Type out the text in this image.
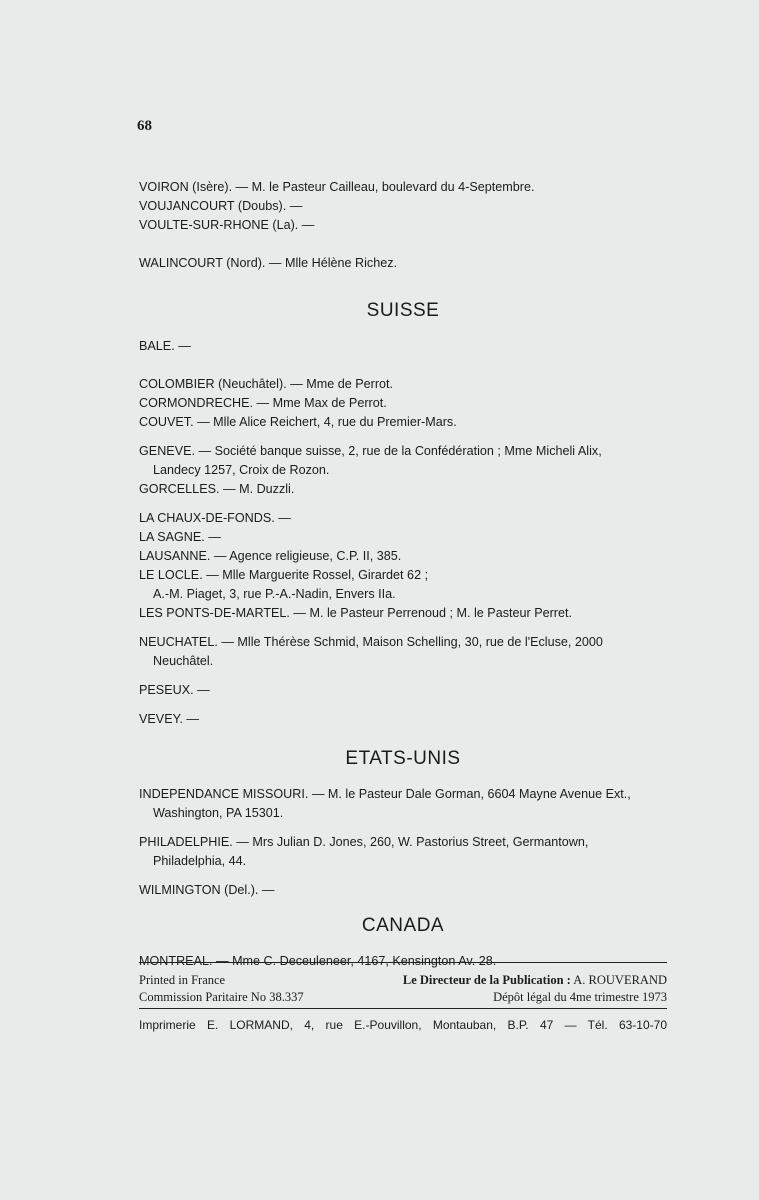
68

VOIRON (Isère). — M. le Pasteur Cailleau, boulevard du 4-Septembre.

VOUJANCOURT (Doubs). —

VOULTE-SUR-RHONE (La). —

WALINCOURT (Nord). — Mlle Hélène Richez.

SUISSE

BALE. —

COLOMBIER (Neuchâtel). — Mme de Perrot.

CORMONDRECHE. — Mme Max de Perrot.

COUVET. — Mlle Alice Reichert, 4, rue du Premier-Mars.

GENEVE. — Société banque suisse, 2, rue de la Confédération ; Mme Micheli Alix,
Landecy 1257, Croix de Rozon.

GORCELLES. — M. Duzzli.

LA CHAUX-DE-FONDS. —

LA SAGNE. —

LAUSANNE. — Agence religieuse, C.P. II, 385.

LE LOCLE. — Mlle Marguerite Rossel, Girardet 62 ;
A.-M. Piaget, 3, rue P.-A.-Nadin, Envers IIa.

LES PONTS-DE-MARTEL. — M. le Pasteur Perrenoud ; M. le Pasteur Perret.

NEUCHATEL. — Mlle Thérèse Schmid, Maison Schelling, 30, rue de l'Ecluse, 2000
Neuchâtel.

PESEUX. —

VEVEY. —

ETATS-UNIS
INDEPENDANCE MISSOURI. — M. le Pasteur Dale Gorman, 6604 Mayne Avenue Ext.,
Washington, PA 15301.
PHILADELPHIE. — Mrs Julian D. Jones, 260, W. Pastorius Street, Germantown,
Philadelphia, 44.

WILMINGTON (Del.). —

CANADA

MONTREAL. — Mme C. Deceuleneer, 4167, Kensington Av. 28.

Printed in France	Le Directeur de la Publication : A. ROUVERAND
Commission Paritaire No 38.337	Dépôt légal du 4me trimestre 1973
Imprimerie E. LORMAND, 4, rue E.-Pouvillon, Montauban, B.P. 47 — Tél. 63-10-70
